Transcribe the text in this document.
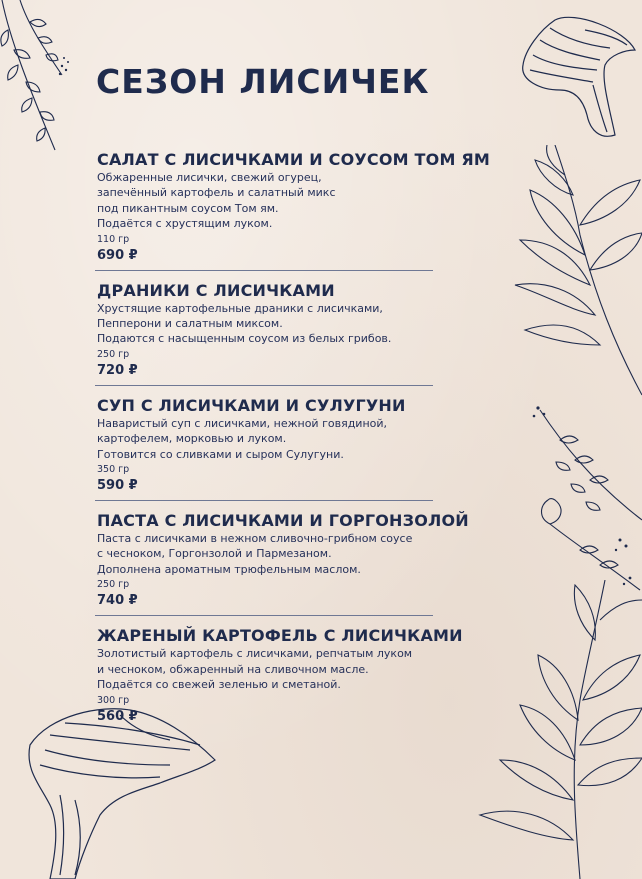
СЕЗОН ЛИСИЧЕК
САЛАТ С ЛИСИЧКАМИ И СОУСОМ ТОМ ЯМ
Обжаренные лисички, свежий огурец,
запечённый картофель и салатный микс
под пикантным соусом Том ям.
Подаётся с хрустящим луком.
110 гр
690 ₽
ДРАНИКИ С ЛИСИЧКАМИ
Хрустящие картофельные драники с лисичками,
Пепперони и салатным миксом.
Подаются с насыщенным соусом из белых грибов.
250 гр
720 ₽
СУП С ЛИСИЧКАМИ И СУЛУГУНИ
Наваристый суп с лисичками, нежной говядиной,
картофелем, морковью и луком.
Готовится со сливками и сыром Сулугуни.
350 гр
590 ₽
ПАСТА С ЛИСИЧКАМИ И ГОРГОНЗОЛОЙ
Паста с лисичками в нежном сливочно-грибном соусе
с чесноком, Горгонзолой и Пармезаном.
Дополнена ароматным трюфельным маслом.
250 гр
740 ₽
ЖАРЕНЫЙ КАРТОФЕЛЬ С ЛИСИЧКАМИ
Золотистый картофель с лисичками, репчатым луком
и чесноком, обжаренный на сливочном масле.
Подаётся со свежей зеленью и сметаной.
300 гр
560 ₽
